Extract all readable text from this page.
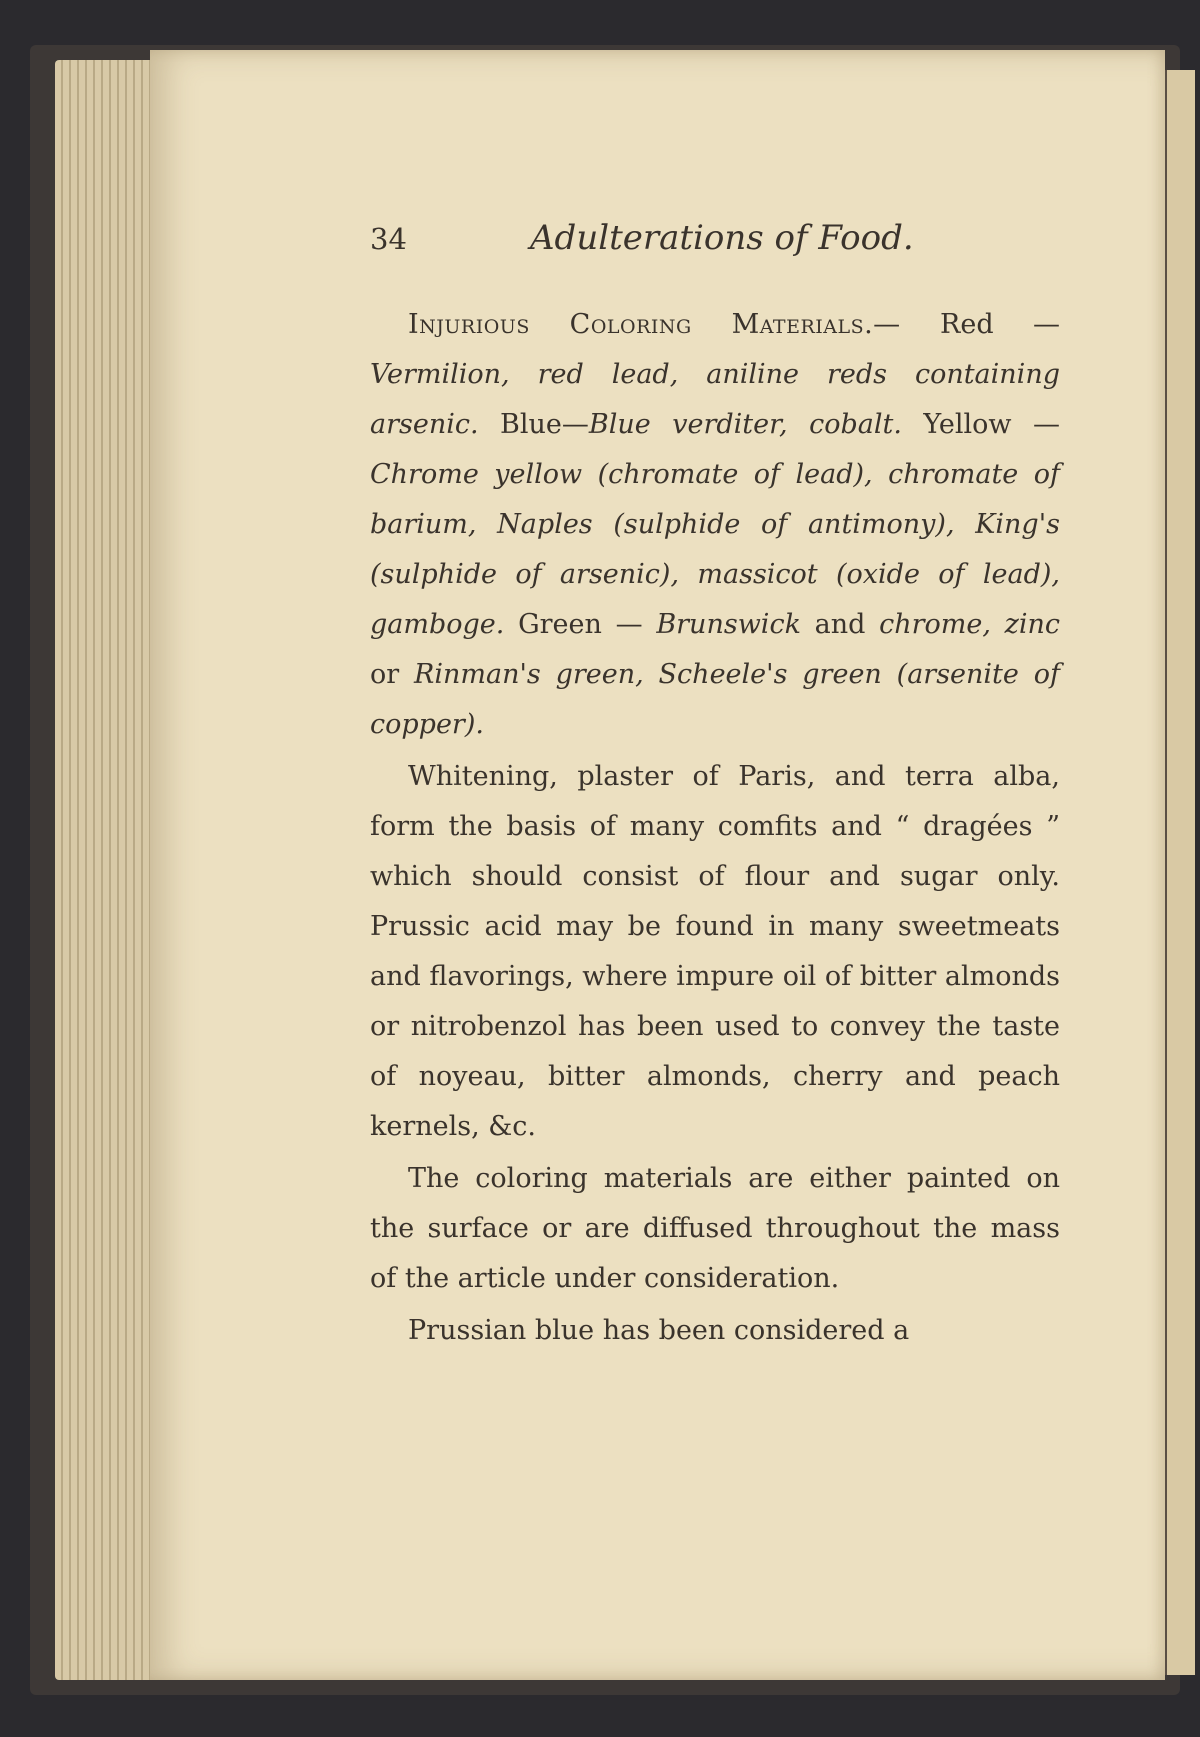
34	Adulterations of Food.

Injurious Coloring Materials.— Red — Vermilion, red lead, aniline reds containing arsenic. Blue—Blue verditer, cobalt. Yellow — Chrome yellow (chromate of lead), chromate of barium, Naples (sulphide of antimony), King's (sulphide of arsenic), massicot (oxide of lead), gamboge. Green — Brunswick and chrome, zinc or Rinman's green, Scheele's green (arsenite of copper).

Whitening, plaster of Paris, and terra alba, form the basis of many comfits and “ dragées ” which should consist of flour and sugar only. Prussic acid may be found in many sweetmeats and flavorings, where impure oil of bitter almonds or nitrobenzol has been used to convey the taste of noyeau, bitter almonds, cherry and peach kernels, &c.

The coloring materials are either painted on the surface or are diffused throughout the mass of the article under consideration.

Prussian blue has been considered a
